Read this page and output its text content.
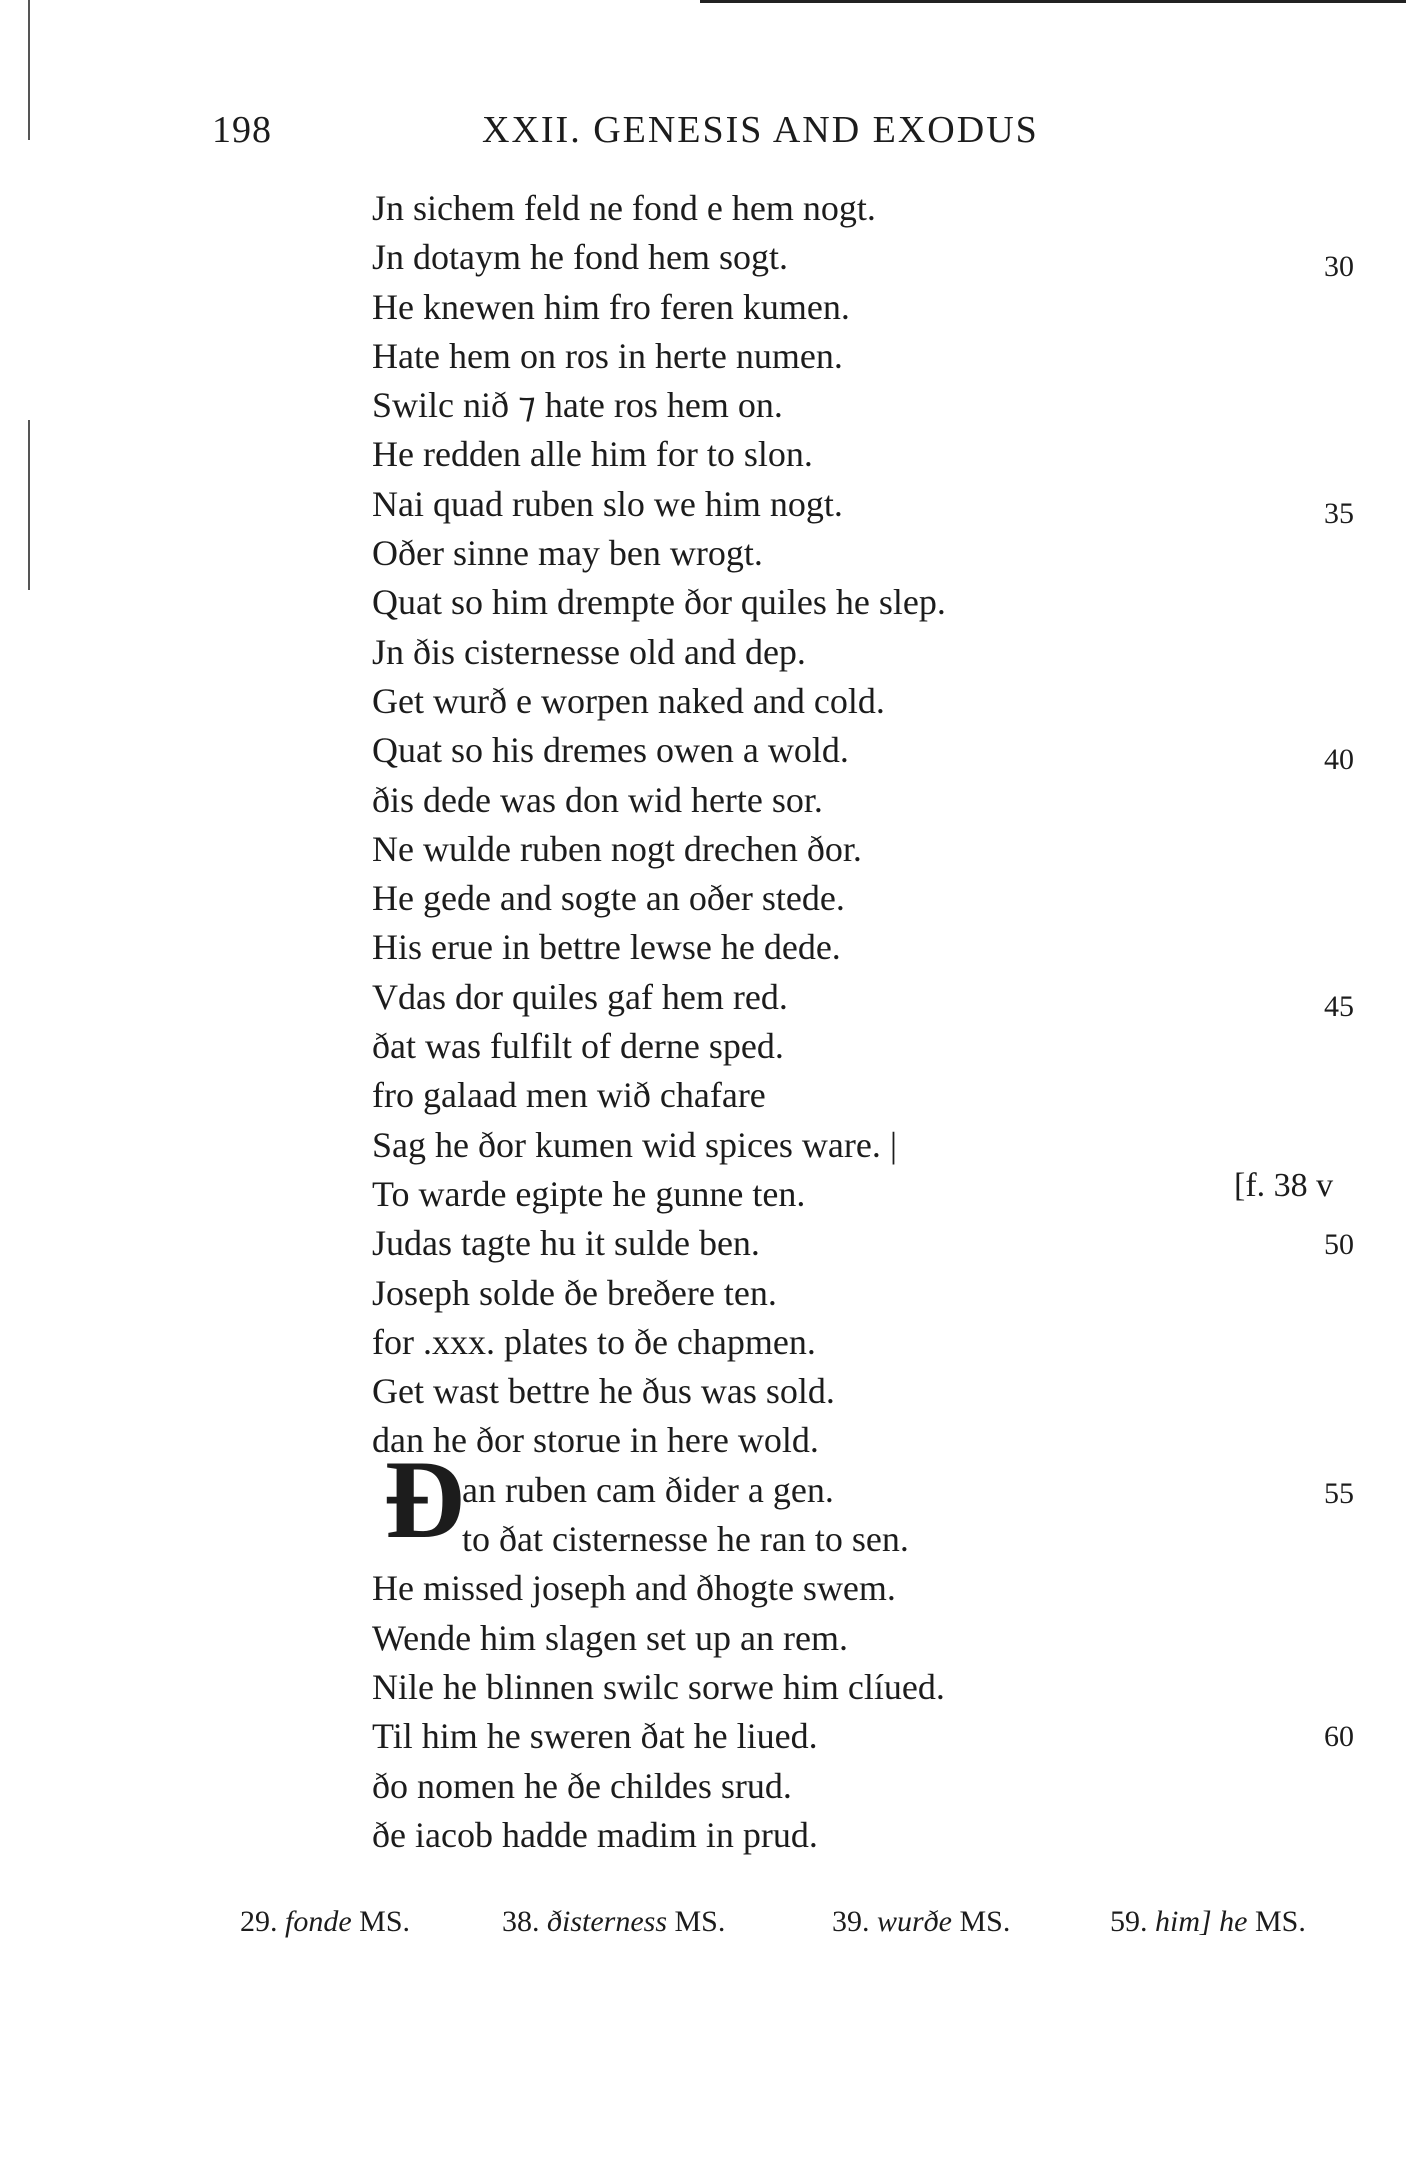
198	XXII. GENESIS AND EXODUS
Jn sichem feld ne fond e hem nogt.
Jn dotaym he fond hem sogt.
He knewen him fro feren kumen.
Hate hem on ros in herte numen.
Swilc nið ⁊ hate ros hem on.
He redden alle him for to slon.
Nai quad ruben slo we him nogt.
Oðer sinne may ben wrogt.
Quat so him drempte ðor quiles he slep.
Jn ðis cisternesse old and dep.
Get wurð e worpen naked and cold.
Quat so his dremes owen a wold.
ðis dede was don wid herte sor.
Ne wulde ruben nogt drechen ðor.
He gede and sogte an oðer stede.
His erue in bettre lewse he dede.
Vdas dor quiles gaf hem red.
ðat was fulfilt of derne sped.
fro galaad men wið chafare
Sag he ðor kumen wid spices ware. |
To warde egipte he gunne ten.
Judas tagte hu it sulde ben.
Joseph solde ðe breðere ten.
for .xxx. plates to ðe chapmen.
Get wast bettre he ðus was sold.
dan he ðor storue in here wold.
an ruben cam ðider a gen.
to ðat cisternesse he ran to sen.
He missed joseph and ðhogte swem.
Wende him slagen set up an rem.
Nile he blinnen swilc sorwe him clíued.
Til him he sweren ðat he liued.
ðo nomen he ðe childes srud.
ðe iacob hadde madim in prud.
Ð
30
35
40
45
50
55
60
[f. 38 v
29. fonde MS.	38. ðisterness MS.	39. wurðe MS.	59. him] he MS.
